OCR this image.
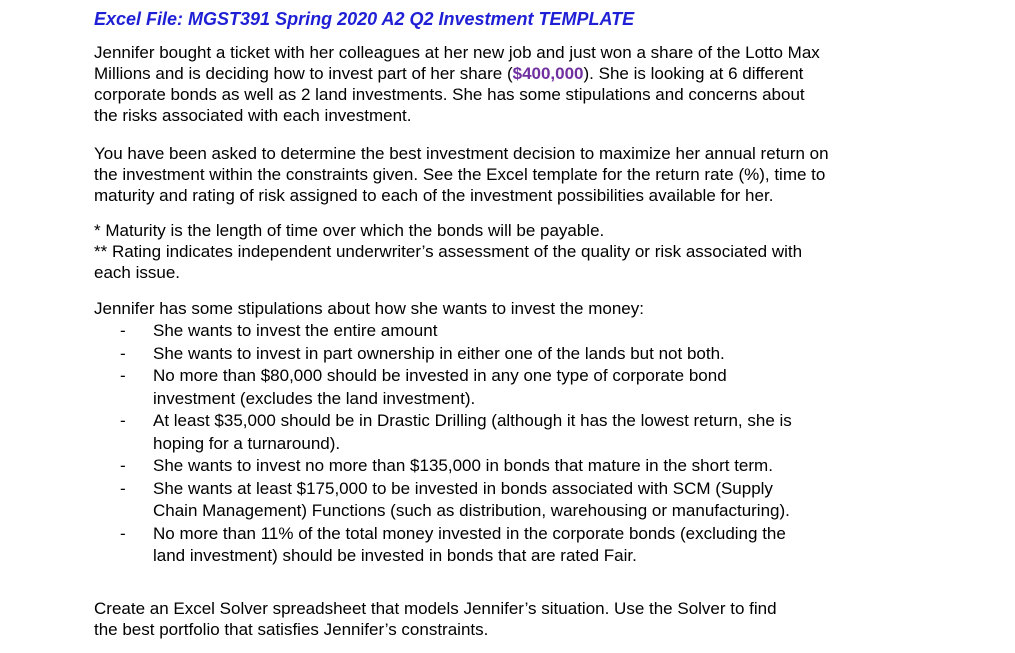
Excel File: MGST391 Spring 2020 A2 Q2 Investment TEMPLATE
Jennifer bought a ticket with her colleagues at her new job and just won a share of the Lotto Max
Millions and is deciding how to invest part of her share ($400,000). She is looking at 6 different
corporate bonds as well as 2 land investments. She has some stipulations and concerns about
the risks associated with each investment.
You have been asked to determine the best investment decision to maximize her annual return on
the investment within the constraints given. See the Excel template for the return rate (%), time to
maturity and rating of risk assigned to each of the investment possibilities available for her.
* Maturity is the length of time over which the bonds will be payable.
** Rating indicates independent underwriter’s assessment of the quality or risk associated with
each issue.
Jennifer has some stipulations about how she wants to invest the money:
- She wants to invest the entire amount
- She wants to invest in part ownership in either one of the lands but not both.
- No more than $80,000 should be invested in any one type of corporate bond
investment (excludes the land investment).
- At least $35,000 should be in Drastic Drilling (although it has the lowest return, she is
hoping for a turnaround).
- She wants to invest no more than $135,000 in bonds that mature in the short term.
- She wants at least $175,000 to be invested in bonds associated with SCM (Supply
Chain Management) Functions (such as distribution, warehousing or manufacturing).
- No more than 11% of the total money invested in the corporate bonds (excluding the
land investment) should be invested in bonds that are rated Fair.
Create an Excel Solver spreadsheet that models Jennifer’s situation. Use the Solver to find
the best portfolio that satisfies Jennifer’s constraints.
